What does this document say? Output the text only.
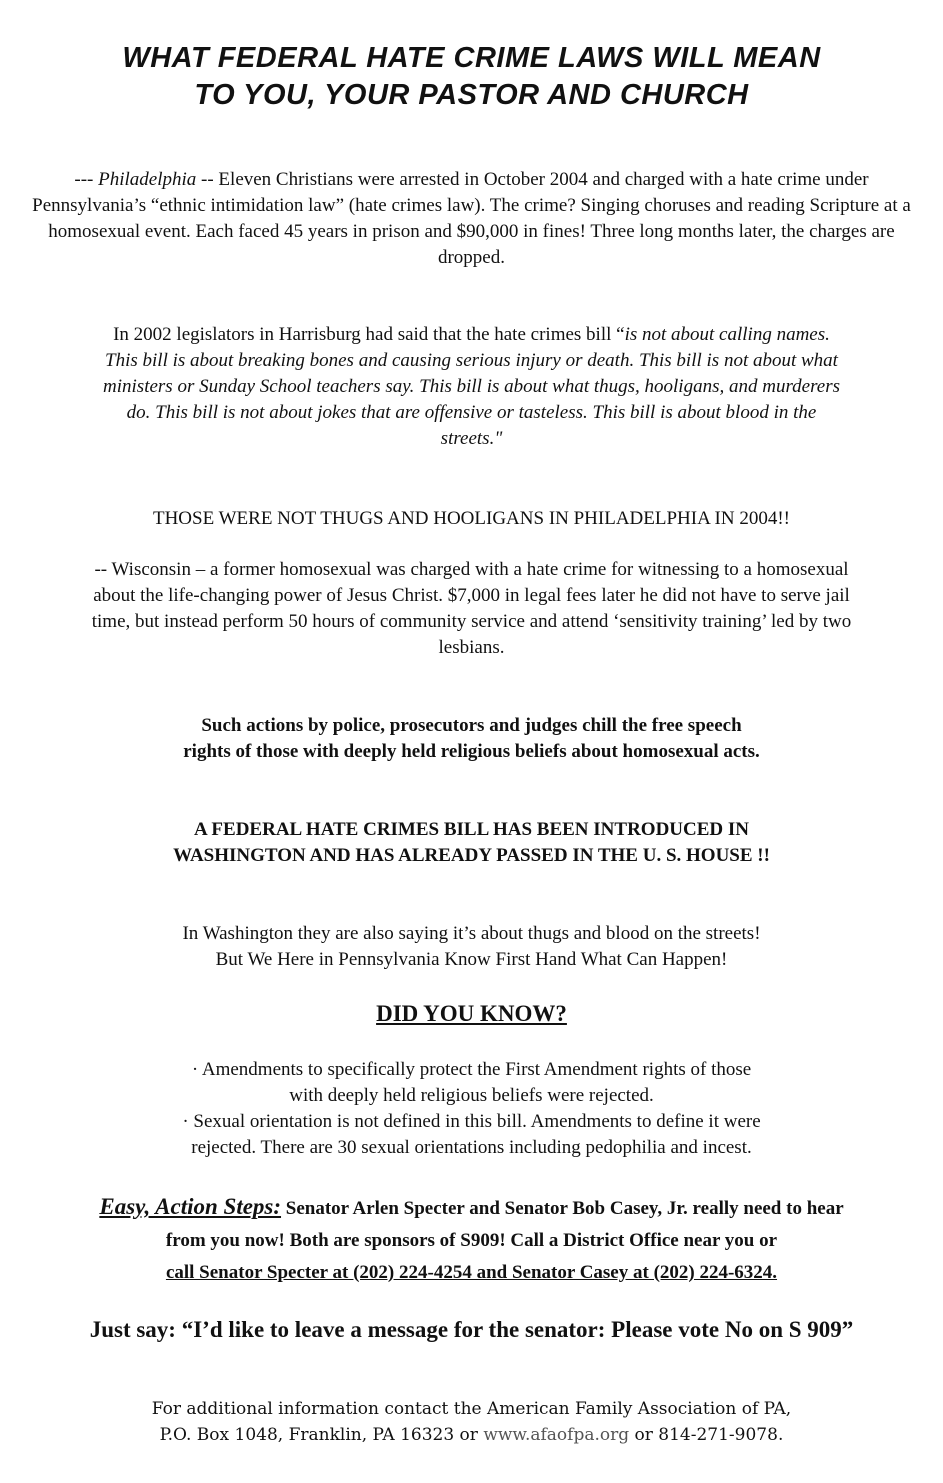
WHAT FEDERAL HATE CRIME LAWS WILL MEAN
TO YOU, YOUR PASTOR AND CHURCH

--- Philadelphia -- Eleven Christians were arrested in October 2004 and charged with a hate crime under Pennsylvania’s “ethnic intimidation law” (hate crimes law). The crime? Singing choruses and reading Scripture at a homosexual event. Each faced 45 years in prison and $90,000 in fines! Three long months later, the charges are dropped.

In 2002 legislators in Harrisburg had said that the hate crimes bill “is not about calling names. This bill is about breaking bones and causing serious injury or death. This bill is not about what ministers or Sunday School teachers say. This bill is about what thugs, hooligans, and murderers do. This bill is not about jokes that are offensive or tasteless. This bill is about blood in the streets."

THOSE WERE NOT THUGS AND HOOLIGANS IN PHILADELPHIA IN 2004!!

-- Wisconsin – a former homosexual was charged with a hate crime for witnessing to a homosexual about the life-changing power of Jesus Christ. $7,000 in legal fees later he did not have to serve jail time, but instead perform 50 hours of community service and attend ‘sensitivity training’ led by two lesbians.

Such actions by police, prosecutors and judges chill the free speech

rights of those with deeply held religious beliefs about homosexual acts.

A FEDERAL HATE CRIMES BILL HAS BEEN INTRODUCED IN

WASHINGTON AND HAS ALREADY PASSED IN THE U. S. HOUSE !!

In Washington they are also saying it’s about thugs and blood on the streets!

But We Here in Pennsylvania Know First Hand What Can Happen!

DID YOU KNOW?

· Amendments to specifically protect the First Amendment rights of those

with deeply held religious beliefs were rejected.

· Sexual orientation is not defined in this bill. Amendments to define it were

rejected. There are 30 sexual orientations including pedophilia and incest.

Easy, Action Steps: Senator Arlen Specter and Senator Bob Casey, Jr. really need to hear
from you now! Both are sponsors of S909! Call a District Office near you or
call Senator Specter at (202) 224-4254 and Senator Casey at (202) 224-6324.
Just say: “I’d like to leave a message for the senator: Please vote No on S 909”

For additional information contact the American Family Association of PA,

P.O. Box 1048, Franklin, PA 16323 or www.afaofpa.org or 814-271-9078.
